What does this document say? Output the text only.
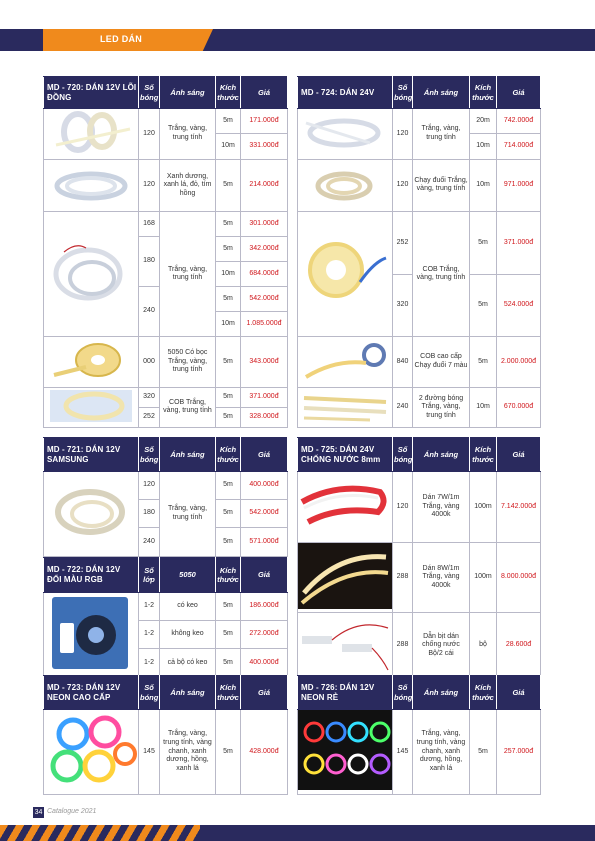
LED DÁN
MD - 720: DÁN 12V LÕI ĐỒNG	Số bóng	Ánh sáng	Kích thước	Giá
	120	Trắng, vàng, trung tính	5m	171.000đ
			10m	331.000đ
	120	Xanh dương, xanh lá, đỏ, tím hồng	5m	214.000đ
	168	Trắng, vàng, trung tính	5m	301.000đ
	180		5m	342.000đ
			10m	684.000đ
	240		5m	542.000đ
			10m	1.085.000đ
	000	5050 Có bọc Trắng, vàng, trung tính	5m	343.000đ
	320	COB Trắng, vàng, trung tính	5m	371.000đ
	252		5m	328.000đ
MD - 724: DÁN 24V	Số bóng	Ánh sáng	Kích thước	Giá
	120	Trắng, vàng, trung tính	20m	742.000đ
			10m	714.000đ
	120	Chạy đuổi Trắng, vàng, trung tính	10m	971.000đ
	252	COB Trắng, vàng, trung tính	5m	371.000đ
	320		5m	524.000đ
	840	COB cao cấp Chạy đuổi 7 màu	5m	2.000.000đ
	240	2 đường bóng Trắng, vàng, trung tính	10m	670.000đ
MD - 721: DÁN 12V SAMSUNG	Số bóng	Ánh sáng	Kích thước	Giá
	120	Trắng, vàng, trung tính	5m	400.000đ
	180		5m	542.000đ
	240		5m	571.000đ
MD - 725: DÁN 24V CHỐNG NƯỚC 8mm	Số bóng	Ánh sáng	Kích thước	Giá
	120	Dán 7W/1m Trắng, vàng 4000k	100m	7.142.000đ
	288	Dán 8W/1m Trắng, vàng 4000k	100m	8.000.000đ
	288	Dẫn bịt dán chống nước Bộ/2 cái	bộ	28.600đ
MD - 722: DÁN 12V ĐỔI MÀU RGB	Số lớp	5050	Kích thước	Giá
	1-2	có keo	5m	186.000đ
	1-2	không keo	5m	272.000đ
	1-2	cả bộ có keo	5m	400.000đ
MD - 723: DÁN 12V NEON CAO CẤP	Số bóng	Ánh sáng	Kích thước	Giá
	145	Trắng, vàng, trung tính, vàng chanh, xanh dương, hồng, xanh lá	5m	428.000đ
MD - 726: DÁN 12V NEON RẺ	Số bóng	Ánh sáng	Kích thước	Giá
	145	Trắng, vàng, trung tính, vàng chanh, xanh dương, hồng, xanh lá	5m	257.000đ
34 Catalogue 2021
